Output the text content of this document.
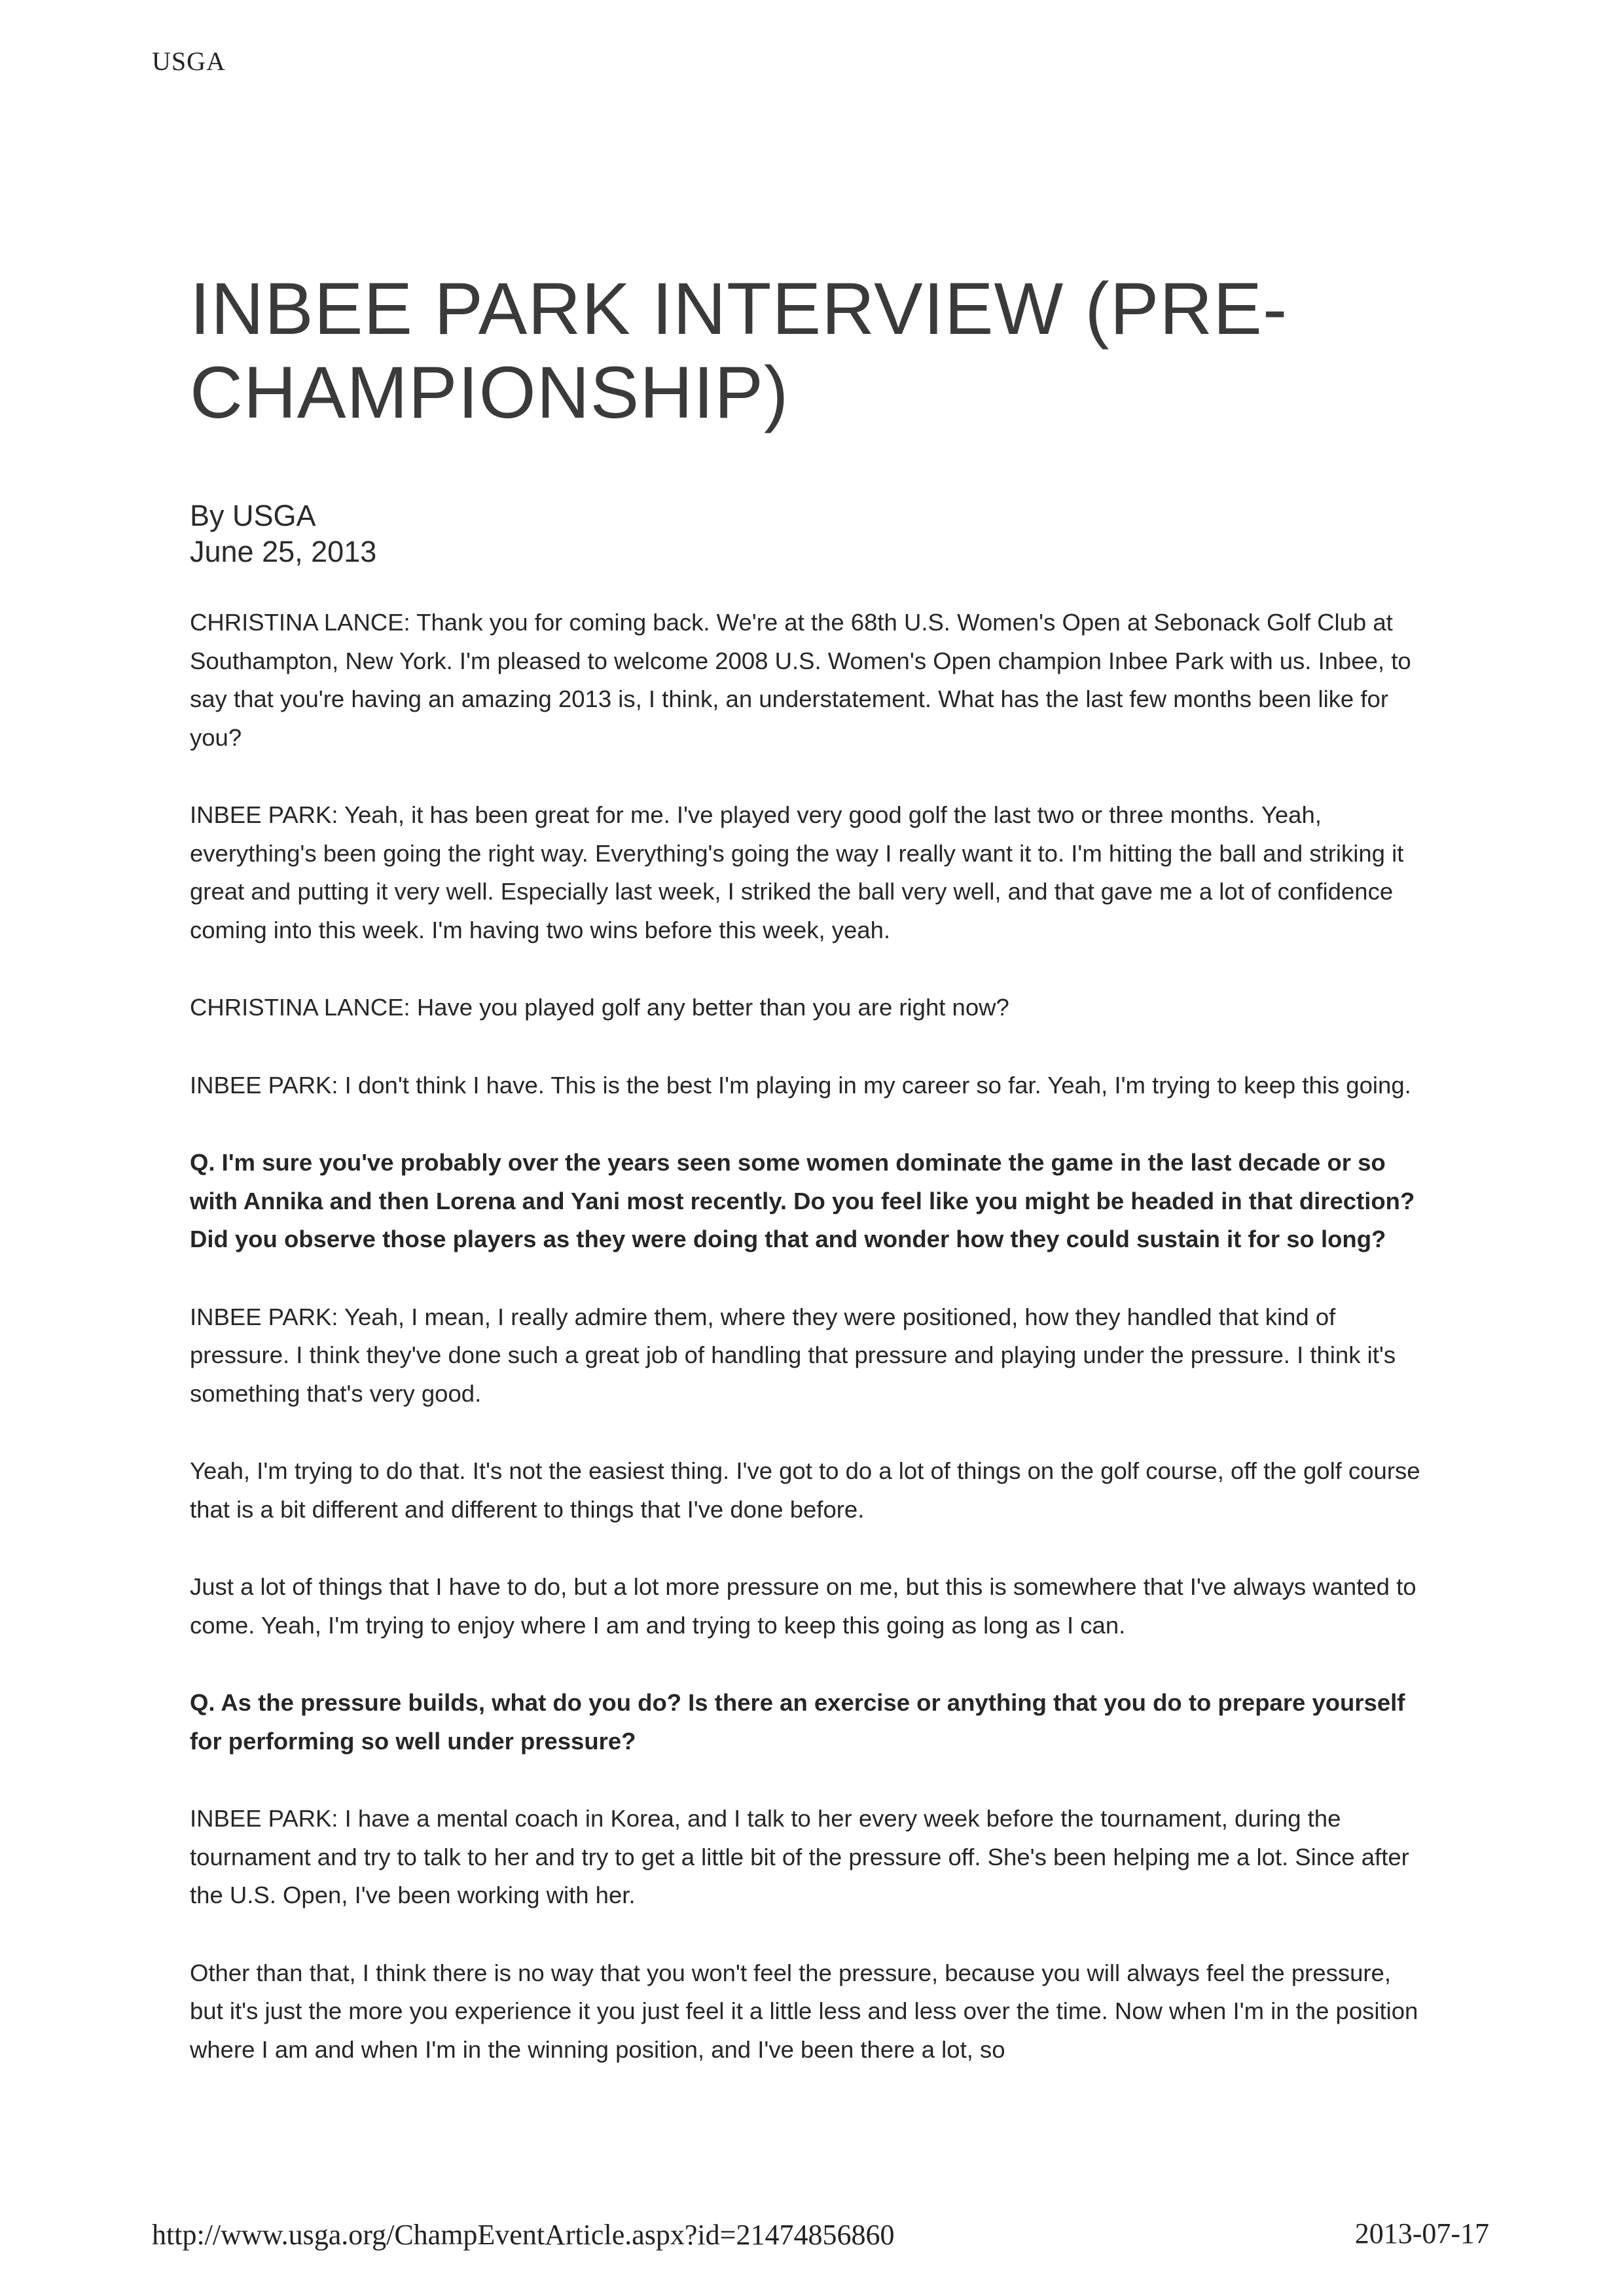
USGA
INBEE PARK INTERVIEW (PRE-CHAMPIONSHIP)
By USGA
June 25, 2013

CHRISTINA LANCE: Thank you for coming back. We're at the 68th U.S. Women's Open at Sebonack Golf Club at Southampton, New York. I'm pleased to welcome 2008 U.S. Women's Open champion Inbee Park with us. Inbee, to say that you're having an amazing 2013 is, I think, an understatement. What has the last few months been like for you?

INBEE PARK: Yeah, it has been great for me. I've played very good golf the last two or three months. Yeah, everything's been going the right way. Everything's going the way I really want it to. I'm hitting the ball and striking it great and putting it very well. Especially last week, I striked the ball very well, and that gave me a lot of confidence coming into this week. I'm having two wins before this week, yeah.

CHRISTINA LANCE: Have you played golf any better than you are right now?

INBEE PARK: I don't think I have. This is the best I'm playing in my career so far. Yeah, I'm trying to keep this going.

Q. I'm sure you've probably over the years seen some women dominate the game in the last decade or so with Annika and then Lorena and Yani most recently. Do you feel like you might be headed in that direction? Did you observe those players as they were doing that and wonder how they could sustain it for so long?

INBEE PARK: Yeah, I mean, I really admire them, where they were positioned, how they handled that kind of pressure. I think they've done such a great job of handling that pressure and playing under the pressure. I think it's something that's very good.

Yeah, I'm trying to do that. It's not the easiest thing. I've got to do a lot of things on the golf course, off the golf course that is a bit different and different to things that I've done before.

Just a lot of things that I have to do, but a lot more pressure on me, but this is somewhere that I've always wanted to come. Yeah, I'm trying to enjoy where I am and trying to keep this going as long as I can.

Q. As the pressure builds, what do you do? Is there an exercise or anything that you do to prepare yourself for performing so well under pressure?

INBEE PARK: I have a mental coach in Korea, and I talk to her every week before the tournament, during the tournament and try to talk to her and try to get a little bit of the pressure off. She's been helping me a lot. Since after the U.S. Open, I've been working with her.

Other than that, I think there is no way that you won't feel the pressure, because you will always feel the pressure, but it's just the more you experience it you just feel it a little less and less over the time. Now when I'm in the position where I am and when I'm in the winning position, and I've been there a lot, so

http://www.usga.org/ChampEventArticle.aspx?id=21474856860	2013-07-17
